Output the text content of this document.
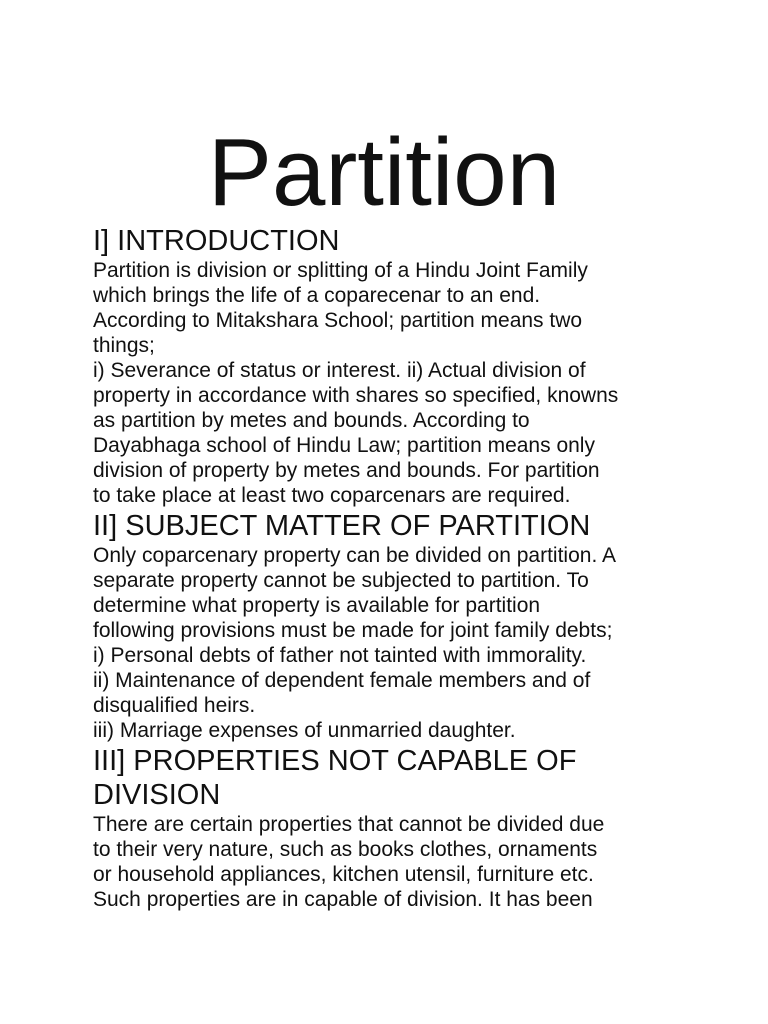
Partition
I] INTRODUCTION

Partition is division or splitting of a Hindu Joint Family
which brings the life of a coparecenar to an end.
According to Mitakshara School; partition means two
things;
i) Severance of status or interest. ii) Actual division of
property in accordance with shares so specified, knowns
as partition by metes and bounds. According to
Dayabhaga school of Hindu Law; partition means only
division of property by metes and bounds. For partition
to take place at least two coparcenars are required.

II] SUBJECT MATTER OF PARTITION

Only coparcenary property can be divided on partition. A
separate property cannot be subjected to partition. To
determine what property is available for partition
following provisions must be made for joint family debts;
i) Personal debts of father not tainted with immorality.
ii) Maintenance of dependent female members and of
disqualified heirs.
iii) Marriage expenses of unmarried daughter.

III] PROPERTIES NOT CAPABLE OF
DIVISION

There are certain properties that cannot be divided due
to their very nature, such as books clothes, ornaments
or household appliances, kitchen utensil, furniture etc.
Such properties are in capable of division. It has been
